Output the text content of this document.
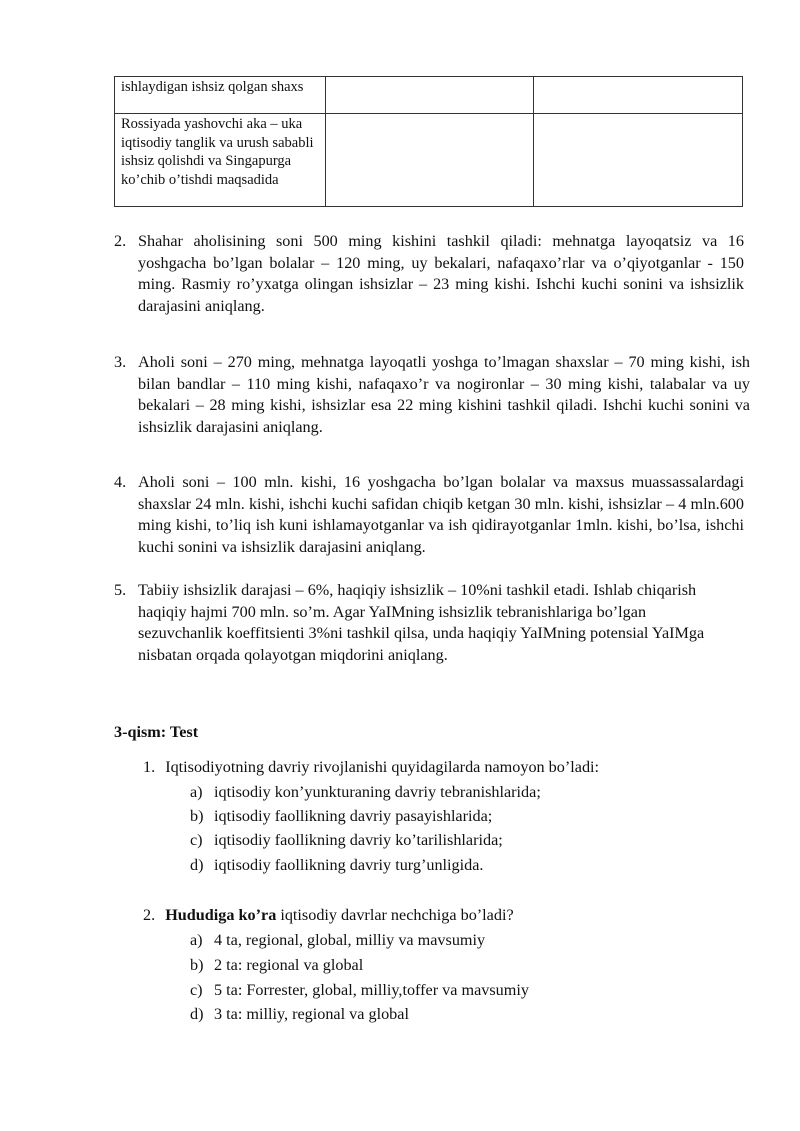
ishlaydigan ishsiz qolgan shaxs		
Rossiyada yashovchi aka – uka iqtisodiy tanglik va urush sababli ishsiz qolishdi va Singapurga ko’chib o’tishdi maqsadida		
2. Shahar aholisining soni 500 ming kishini tashkil qiladi: mehnatga layoqatsiz va 16 yoshgacha bo’lgan bolalar – 120 ming, uy bekalari, nafaqaxo’rlar va o’qiyotganlar - 150 ming. Rasmiy ro’yxatga olingan ishsizlar – 23 ming kishi. Ishchi kuchi sonini va ishsizlik darajasini aniqlang.
3. Aholi soni – 270 ming, mehnatga layoqatli yoshga to’lmagan shaxslar – 70 ming kishi, ish bilan bandlar – 110 ming kishi, nafaqaxo’r va nogironlar – 30 ming kishi, talabalar va uy bekalari – 28 ming kishi, ishsizlar esa 22 ming kishini tashkil qiladi. Ishchi kuchi sonini va ishsizlik darajasini aniqlang.
4. Aholi soni – 100 mln. kishi, 16 yoshgacha bo’lgan bolalar va maxsus muassassalardagi shaxslar 24 mln. kishi, ishchi kuchi safidan chiqib ketgan 30 mln. kishi, ishsizlar – 4 mln.600 ming kishi, to’liq ish kuni ishlamayotganlar va ish qidirayotganlar 1mln. kishi, bo’lsa, ishchi kuchi sonini va ishsizlik darajasini aniqlang.
5. Tabiiy ishsizlik darajasi – 6%, haqiqiy ishsizlik – 10%ni tashkil etadi. Ishlab chiqarish haqiqiy hajmi 700 mln. so’m. Agar YaIMning ishsizlik tebranishlariga bo’lgan sezuvchanlik koeffitsienti 3%ni tashkil qilsa, unda haqiqiy YaIMning potensial YaIMga nisbatan orqada qolayotgan miqdorini aniqlang.
3-qism: Test
1. Iqtisodiyotning davriy rivojlanishi quyidagilarda namoyon bo’ladi:
a) iqtisodiy kon’yunkturaning davriy tebranishlarida;
b) iqtisodiy faollikning davriy pasayishlarida;
c) iqtisodiy faollikning davriy ko’tarilishlarida;
d) iqtisodiy faollikning davriy turg’unligida.
2. Hududiga ko’ra iqtisodiy davrlar nechchiga bo’ladi?
a) 4 ta, regional, global, milliy va mavsumiy
b) 2 ta: regional va global
c) 5 ta: Forrester, global, milliy,toffer va mavsumiy
d) 3 ta: milliy, regional va global
